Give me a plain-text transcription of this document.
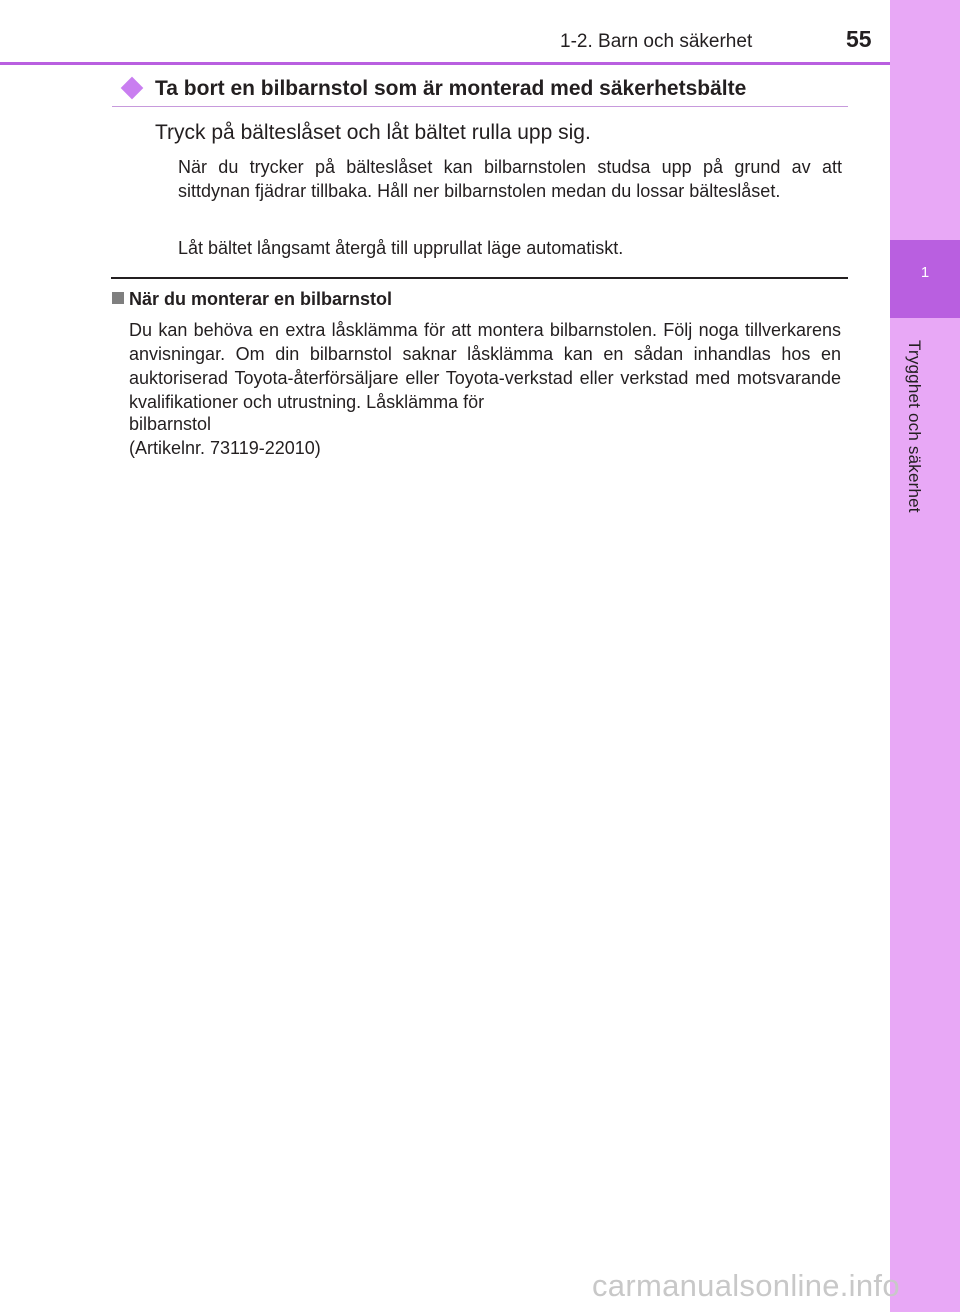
1
Trygghet och säkerhet
1-2. Barn och säkerhet	55
Ta bort en bilbarnstol som är monterad med säkerhetsbälte
Tryck på bälteslåset och låt bältet rulla upp sig.

När du trycker på bälteslåset kan bilbarnstolen studsa upp på grund av att sittdynan fjädrar tillbaka. Håll ner bilbarnstolen medan du lossar bälteslåset.

Låt bältet långsamt återgå till upprullat läge automatiskt.

När du monterar en bilbarnstol

Du kan behöva en extra låsklämma för att montera bilbarnstolen. Följ noga tillverkarens anvisningar. Om din bilbarnstol saknar låsklämma kan en sådan inhandlas hos en auktoriserad Toyota-återförsäljare eller Toyota-verkstad eller verkstad med motsvarande kvalifikationer och utrustning. Låsklämma för

bilbarnstol
(Artikelnr. 73119-22010)
carmanualsonline.info
